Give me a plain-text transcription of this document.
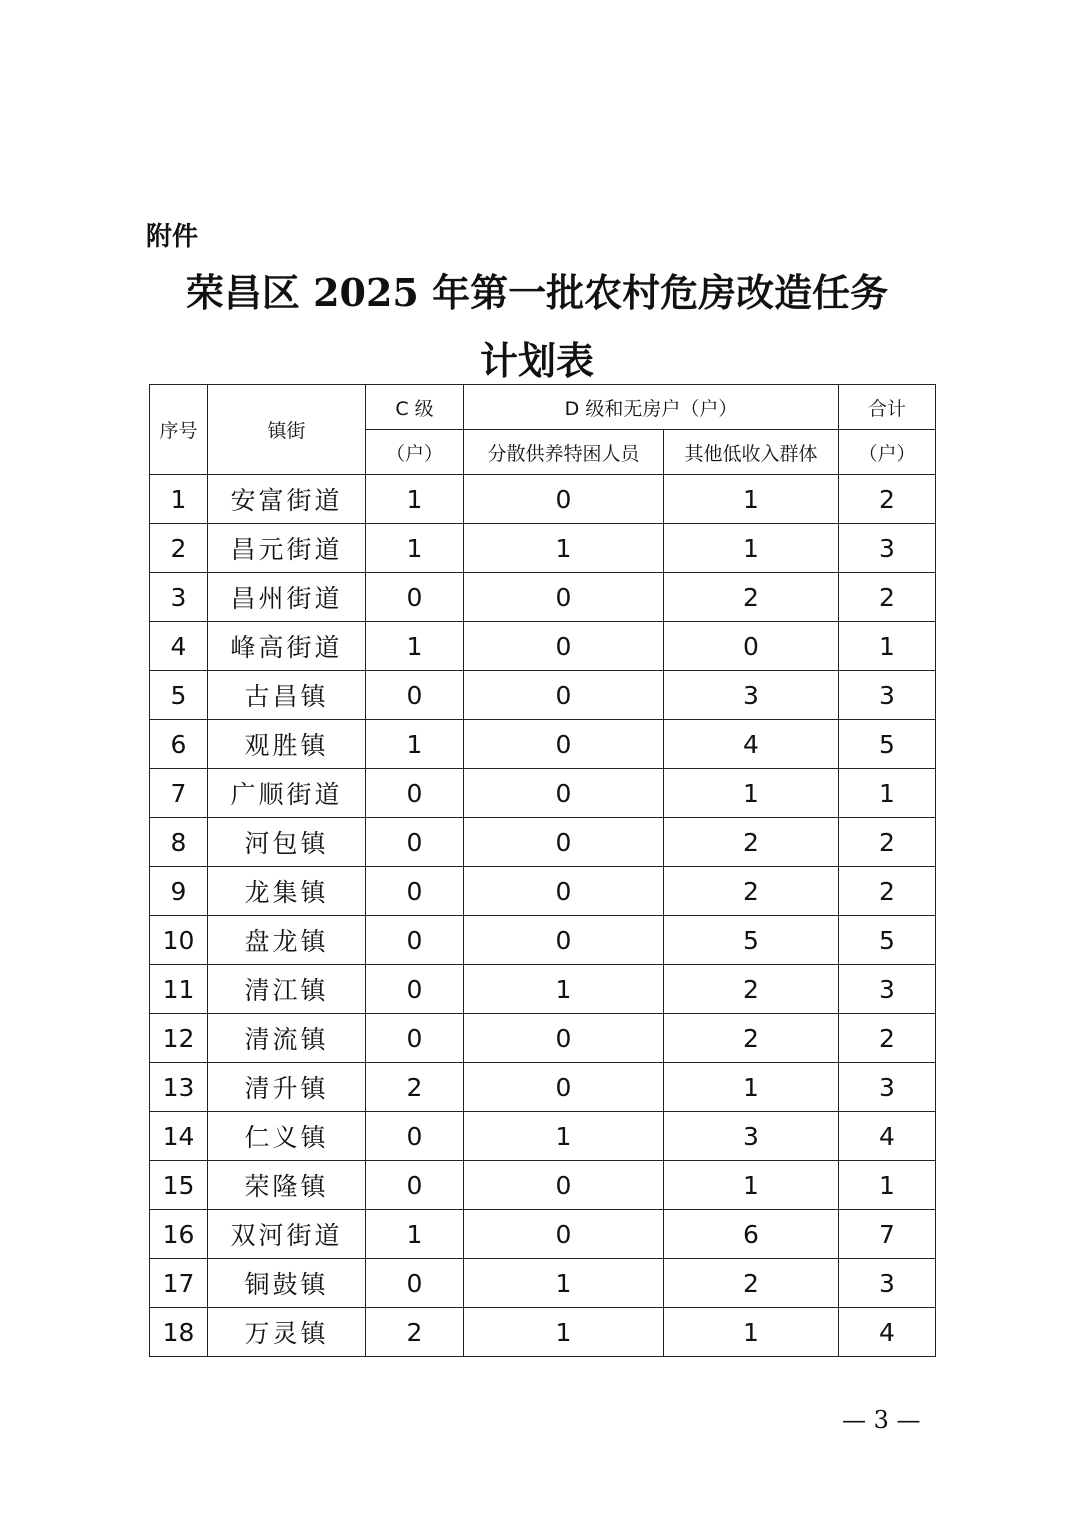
附件
荣昌区 2025 年第一批农村危房改造任务
计划表
序号	镇街	C 级	D 级和无房户（户）		合计
		（户）	分散供养特困人员	其他低收入群体	（户）
1	安富街道	1	0	1	2
2	昌元街道	1	1	1	3
3	昌州街道	0	0	2	2
4	峰高街道	1	0	0	1
5	古昌镇	0	0	3	3
6	观胜镇	1	0	4	5
7	广顺街道	0	0	1	1
8	河包镇	0	0	2	2
9	龙集镇	0	0	2	2
10	盘龙镇	0	0	5	5
11	清江镇	0	1	2	3
12	清流镇	0	0	2	2
13	清升镇	2	0	1	3
14	仁义镇	0	1	3	4
15	荣隆镇	0	0	1	1
16	双河街道	1	0	6	7
17	铜鼓镇	0	1	2	3
18	万灵镇	2	1	1	4
— 3 —
